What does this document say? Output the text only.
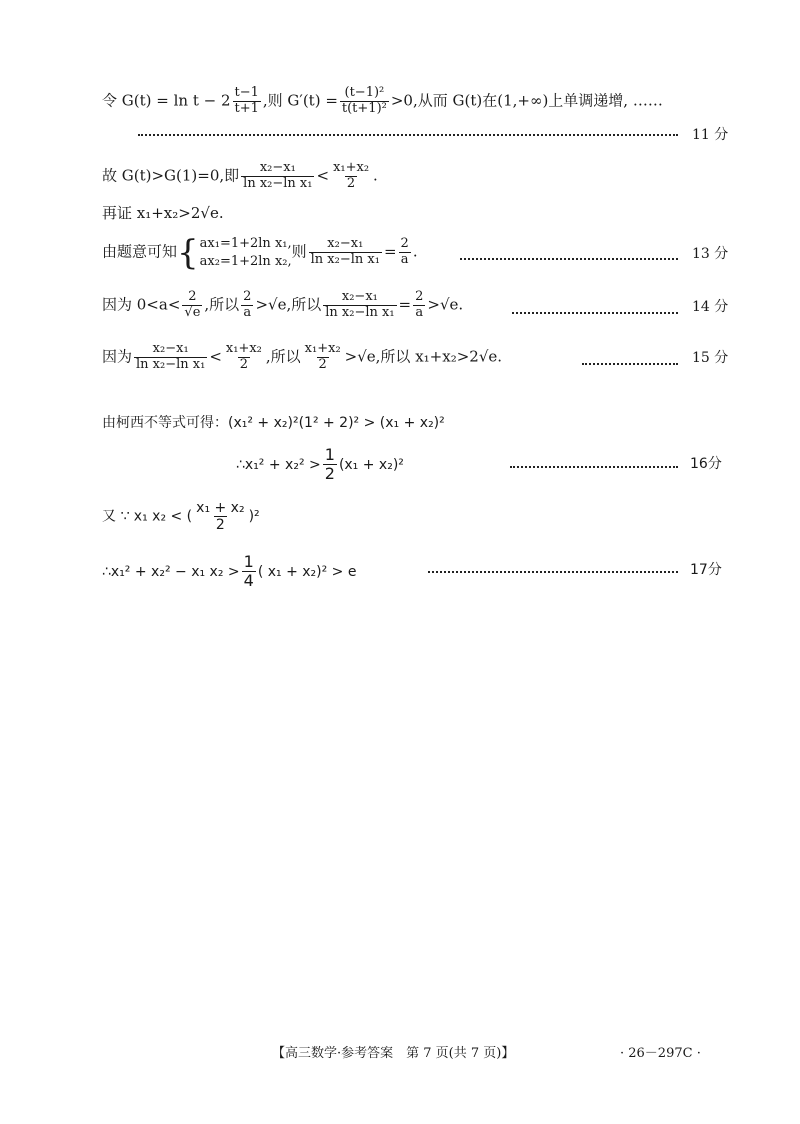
令 $G(t) = \ln t - 2 \frac{t-1}{t+1}$ ,则 $G'(t) = \frac{\text{(t−1)²}}{\text{t(t+1)²}} >0$,从而 G(t)在(1,+∞)上单调递增, ……
11 分
故 G(t)>G(1)=0,即 $\frac{\text{x₂−x₁}}{\text{ln x₂−ln x₁}} < \frac{\text{x₁+x₂}}{2}$ .
再证 x₁+x₂>2√e.
由题意可知{ ax₁=1+2ln x₁,
ax₂=1+2ln x₂,
则 $\frac{\text{x₂−x₁}}{\text{ln x₂−ln x₁}} = \frac{2}{a}$ .	13 分
因为 $0<a< \frac{2}{√e}$ ,所以 $\frac{2}{a} >√e$,所以 $\frac{\text{x₂−x₁}}{\text{ln x₂−ln x₁}} = \frac{2}{a} >√e$.	14 分
因为 $\frac{\text{x₂−x₁}}{\text{ln x₂−ln x₁}} < \frac{\text{x₁+x₂}}{2}$ ,所以 $\frac{\text{x₁+x₂}}{2} >√e$,所以 x₁+x₂>2√e.	15 分
由柯西不等式可得：(x₁² + x₂)²(1² + 2)² > (x₁ + x₂)²
∴x₁² + $x_2^2 > \frac{1}{2} (x_1 + x_2)^2$	16分
又 ∵ x₁ x₂ < ( $\frac{\text{x₁ + x₂}}{2} )^2$
∴x₁² + x₂² − x₁ $x_2 > \frac{1}{4}$ ( x₁ + x₂)² > e	17分
【高三数学·参考答案　第 7 页(共 7 页)】	· 26－297C ·
